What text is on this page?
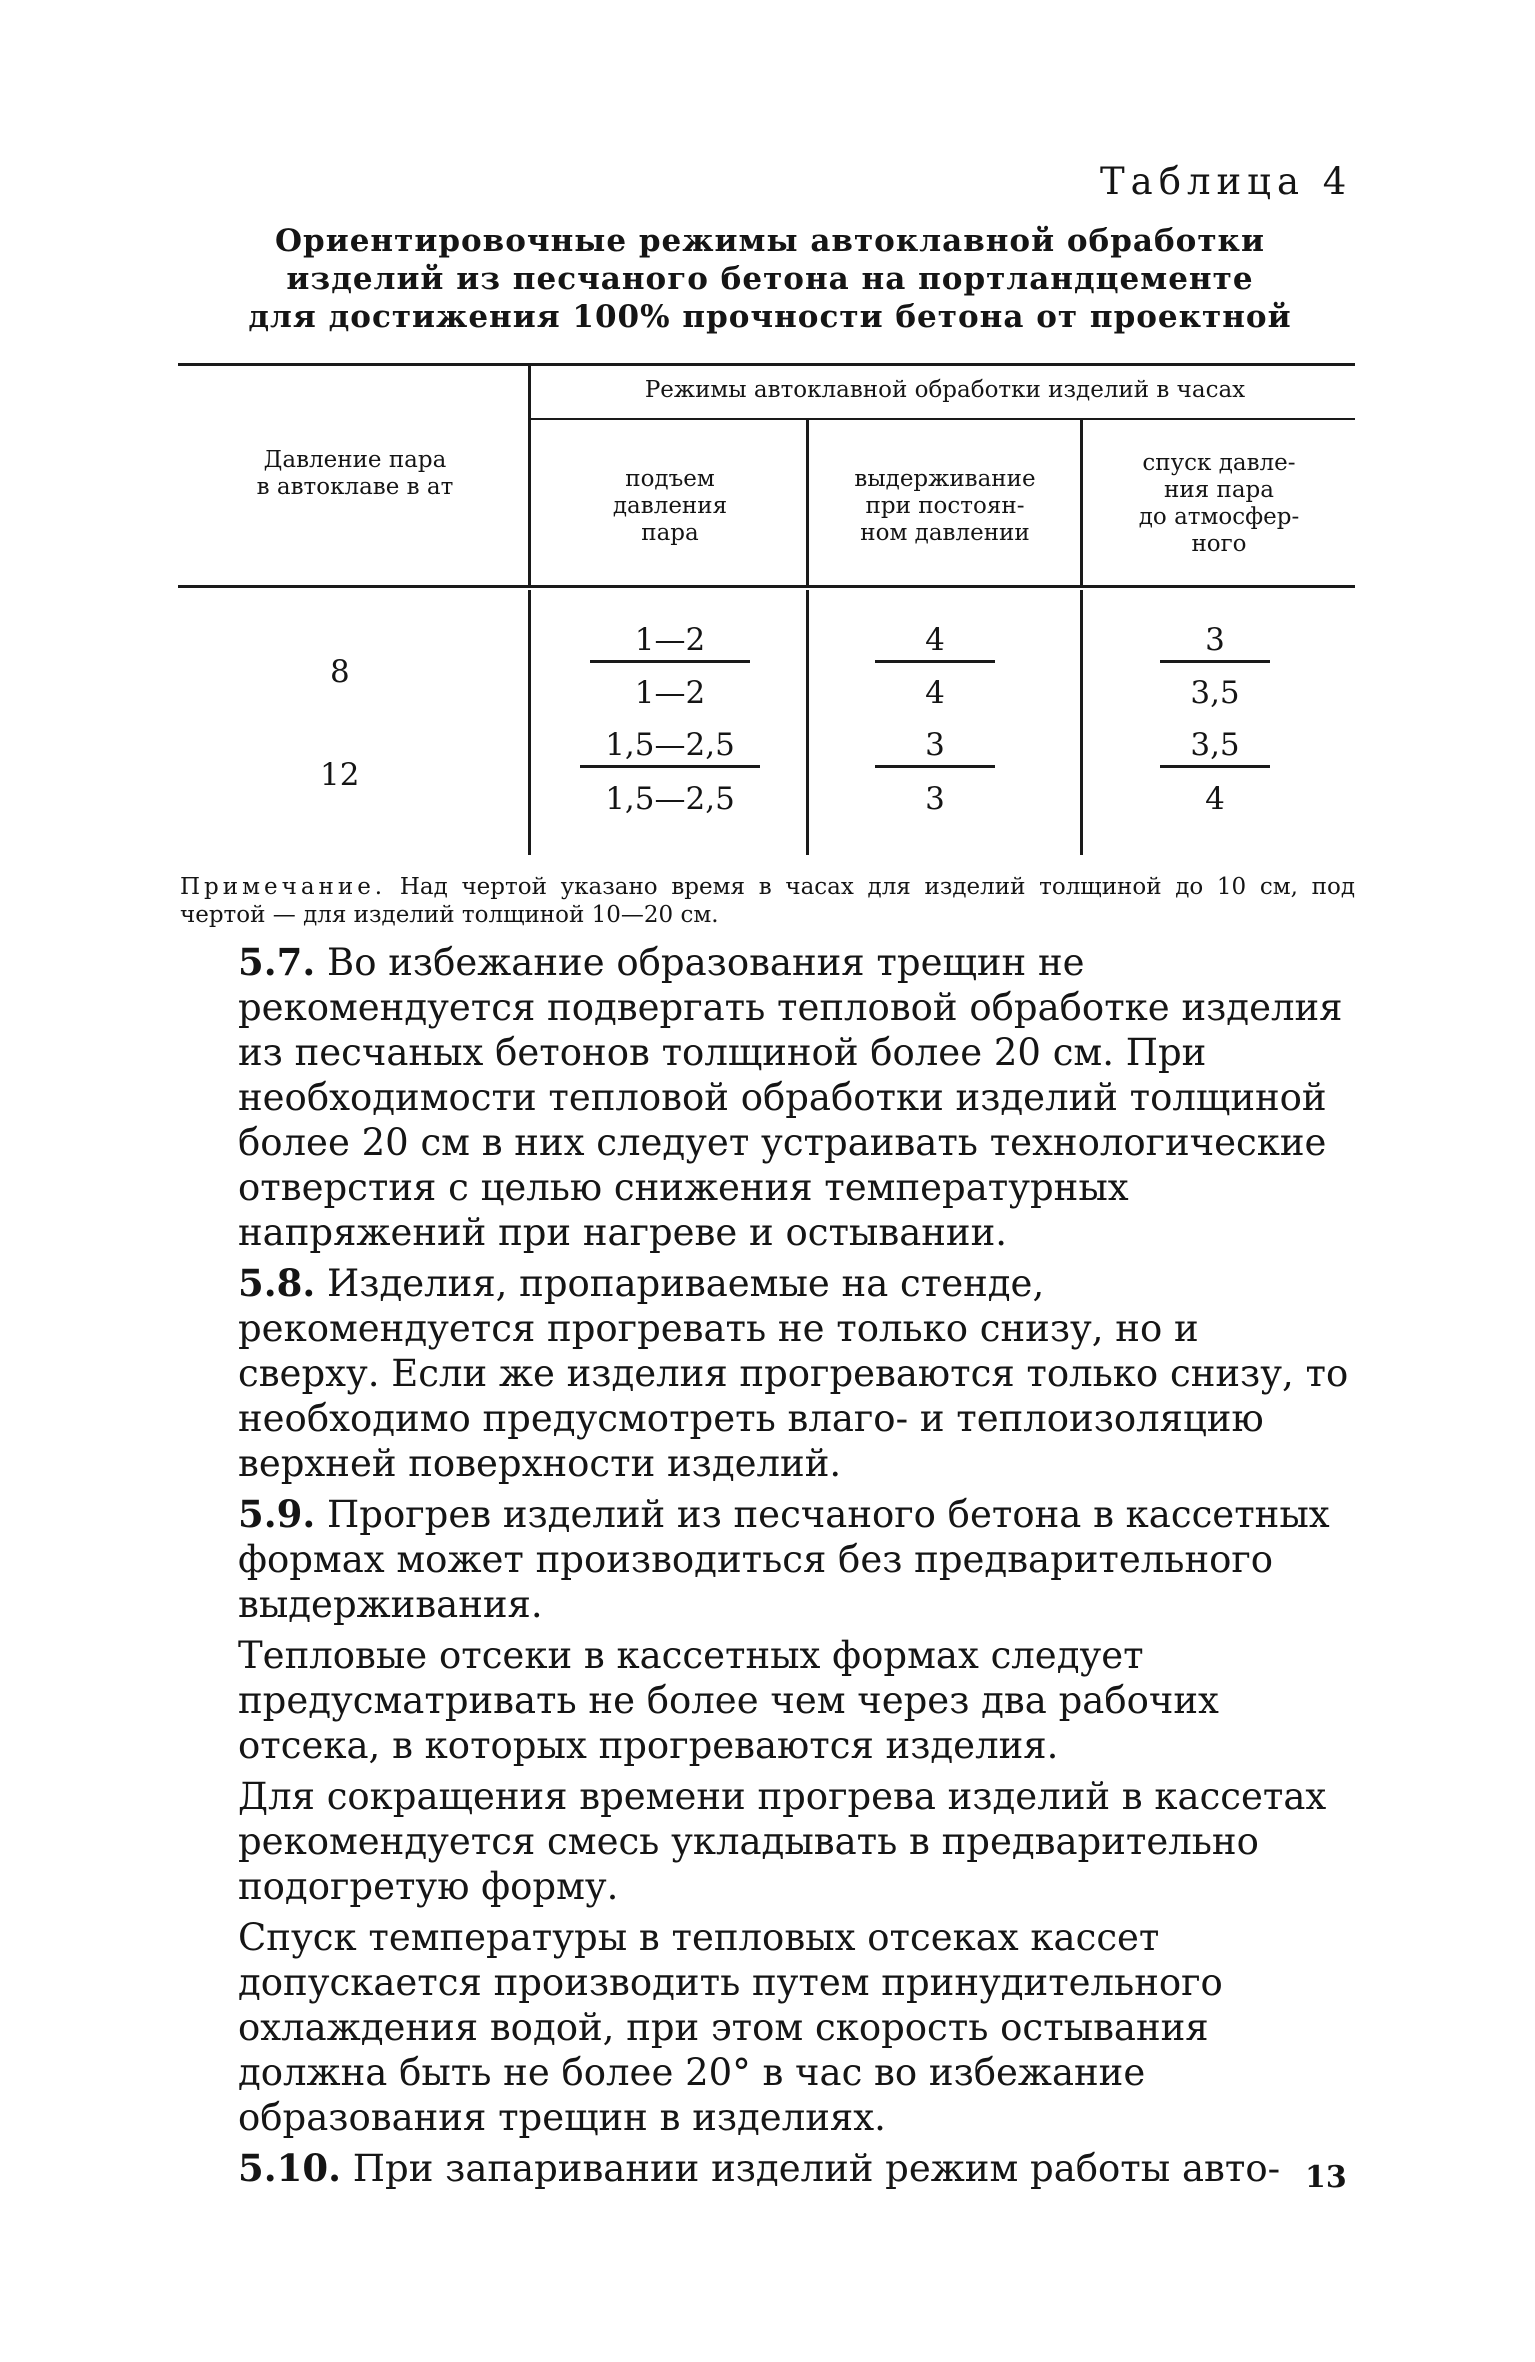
Таблица 4
Ориентировочные режимы автоклавной обработки
изделий из песчаного бетона на портландцементе
для достижения 100% прочности бетона от проектной
Давление пара
в автоклаве в ат
Режимы автоклавной обработки изделий в часах
подъем
давления
пара
выдерживание
при постоян-
ном давлении
спуск давле-
ния пара
до атмосфер-
ного
8
1—2
1—2
4
4
3
3,5
12
1,5—2,5
1,5—2,5
3
3
3,5
4
Примечание. Над чертой указано время в часах для изделий толщиной до 10 см, под чертой — для изделий толщиной 10—20 см.

5.7. Во избежание образования трещин не рекомендуется подвергать тепловой обработке изделия из песчаных бетонов толщиной более 20 см. При необходимости тепловой обработки изделий толщиной более 20 см в них следует устраивать технологические отверстия с целью снижения температурных напряжений при нагреве и остывании.

5.8. Изделия, пропариваемые на стенде, рекомендуется прогревать не только снизу, но и сверху. Если же изделия прогреваются только снизу, то необходимо предусмотреть влаго- и теплоизоляцию верхней поверхности изделий.

5.9. Прогрев изделий из песчаного бетона в кассетных формах может производиться без предварительного выдерживания.

Тепловые отсеки в кассетных формах следует предусматривать не более чем через два рабочих отсека, в которых прогреваются изделия.

Для сокращения времени прогрева изделий в кассетах рекомендуется смесь укладывать в предварительно подогретую форму.

Спуск температуры в тепловых отсеках кассет допускается производить путем принудительного охлаждения водой, при этом скорость остывания должна быть не более 20° в час во избежание образования трещин в изделиях.

5.10. При запаривании изделий режим работы авто- 13
